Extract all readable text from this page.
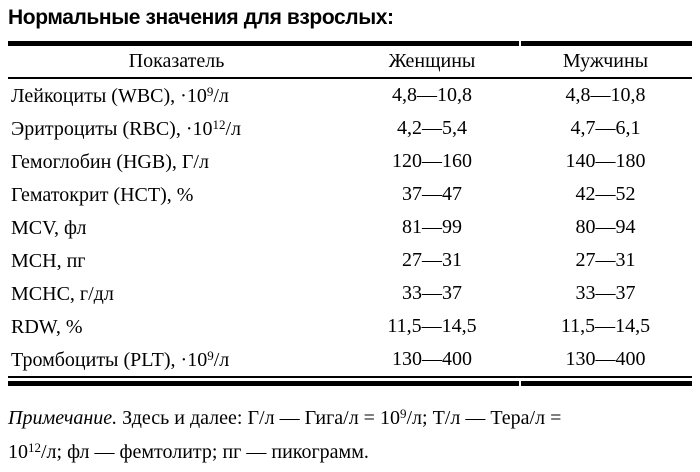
Нормальные значения для взрослых:
Показатель	Женщины	Мужчины
Лейкоциты (WBC), $\cdot 10^9/л$	4,8—10,8	4,8—10,8
Эритроциты (RBC), $\cdot 10^{12}/л$	4,2—5,4	4,7—6,1
Гемоглобин (HGB), Г/л	120—160	140—180
Гематокрит (HCT), %	37—47	42—52
MCV, фл	81—99	80—94
MCH, пг	27—31	27—31
MCHC, г/дл	33—37	33—37
RDW, %	11,5—14,5	11,5—14,5
Тромбоциты (PLT), $\cdot 10^9/л$	130—400	130—400

Примечание. Здесь и далее: Г/л — Гига/л = $10^9/л$; Т/л — Тера/л =
$10^{12}/л$; фл — фемтолитр; пг — пикограмм.
